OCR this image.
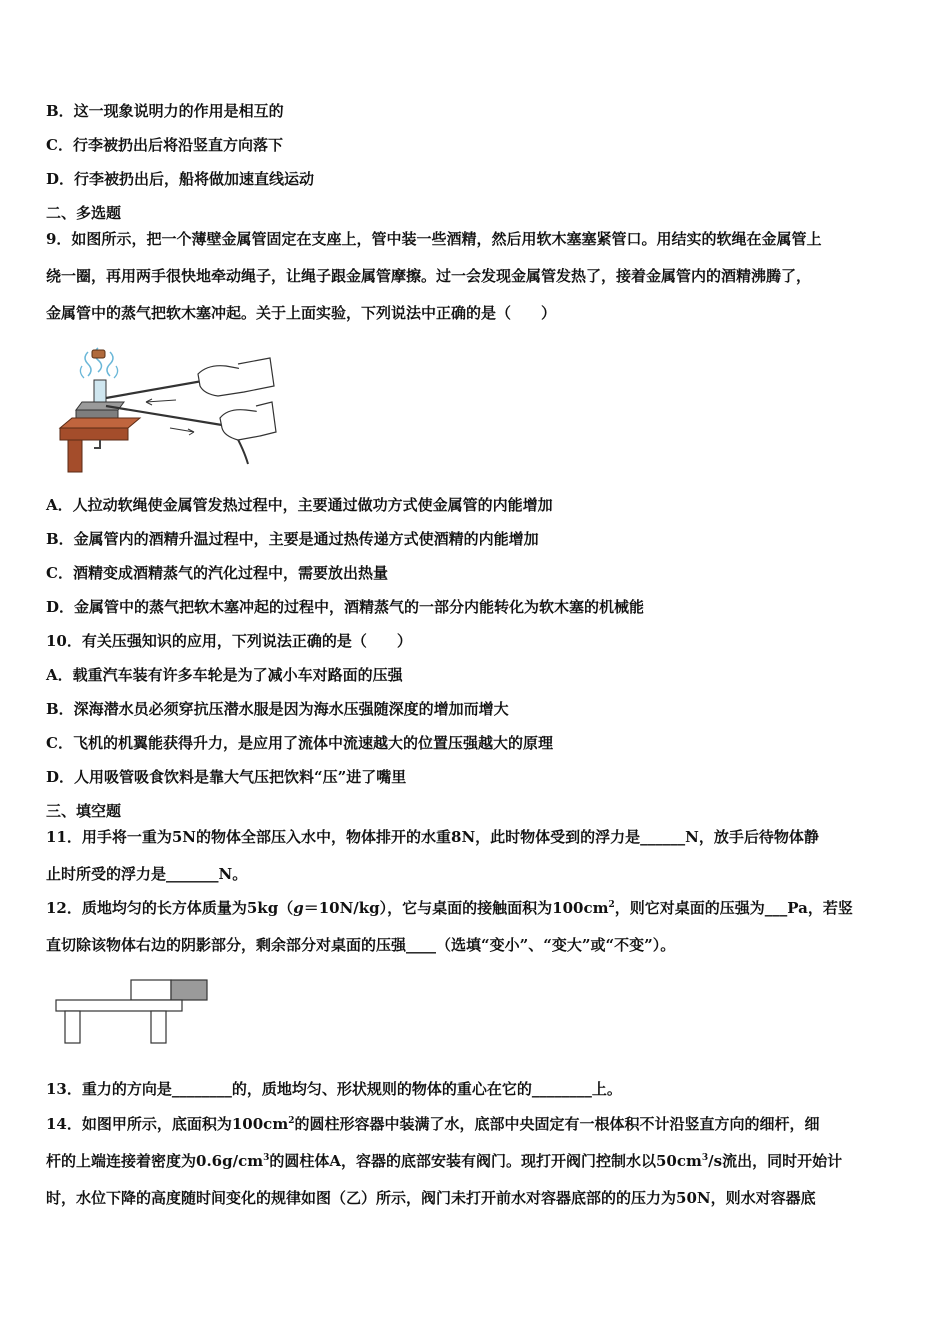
B．这一现象说明力的作用是相互的
C．行李被扔出后将沿竖直方向落下
D．行李被扔出后，船将做加速直线运动
二、多选题
9．如图所示，把一个薄壁金属管固定在支座上，管中装一些酒精，然后用软木塞塞紧管口。用结实的软绳在金属管上
绕一圈，再用两手很快地牵动绳子，让绳子跟金属管摩擦。过一会发现金属管发热了，接着金属管内的酒精沸腾了，
金属管中的蒸气把软木塞冲起。关于上面实验，下列说法中正确的是（　　）
A．人拉动软绳使金属管发热过程中，主要通过做功方式使金属管的内能增加
B．金属管内的酒精升温过程中，主要是通过热传递方式使酒精的内能增加
C．酒精变成酒精蒸气的汽化过程中，需要放出热量
D．金属管中的蒸气把软木塞冲起的过程中，酒精蒸气的一部分内能转化为软木塞的机械能
10．有关压强知识的应用，下列说法正确的是（　　）
A．载重汽车装有许多车轮是为了减小车对路面的压强
B．深海潜水员必须穿抗压潜水服是因为海水压强随深度的增加而增大
C．飞机的机翼能获得升力，是应用了流体中流速越大的位置压强越大的原理
D．人用吸管吸食饮料是靠大气压把饮料“压”进了嘴里
三、填空题
11．用手将一重为5N的物体全部压入水中，物体排开的水重8N，此时物体受到的浮力是______N，放手后待物体静
止时所受的浮力是_______N。
12．质地均匀的长方体质量为5kg（g＝10N/kg），它与桌面的接触面积为$100cm^2$，则它对桌面的压强为___Pa，若竖
直切除该物体右边的阴影部分，剩余部分对桌面的压强____（选填“变小”、“变大”或“不变”）。
13．重力的方向是________的，质地均匀、形状规则的物体的重心在它的________上。
14．如图甲所示，底面积为$100cm^2$的圆柱形容器中装满了水，底部中央固定有一根体积不计沿竖直方向的细杆，细
杆的上端连接着密度为$0.6g/cm^3$的圆柱体A，容器的底部安装有阀门。现打开阀门控制水以$50cm^3/s$流出，同时开始计
时，水位下降的高度随时间变化的规律如图（乙）所示，阀门未打开前水对容器底部的的压力为50N，则水对容器底
